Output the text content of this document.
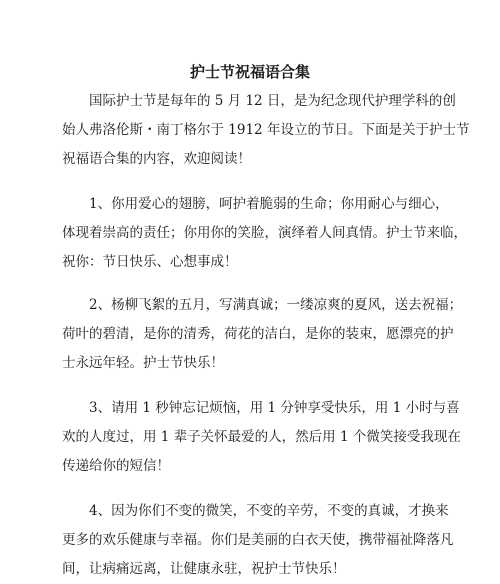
护士节祝福语合集
　　国际护士节是每年的 5 月 12 日，是为纪念现代护理学科的创
始人弗洛伦斯・南丁格尔于 1912 年设立的节日。下面是关于护士节
祝福语合集的内容，欢迎阅读！
　　1、你用爱心的翅膀，呵护着脆弱的生命；你用耐心与细心，
体现着崇高的责任；你用你的笑脸，演绎着人间真情。护士节来临，
祝你：节日快乐、心想事成！
　　2、杨柳飞絮的五月，写满真诚；一缕凉爽的夏风，送去祝福；
荷叶的碧清，是你的清秀，荷花的洁白，是你的装束，愿漂亮的护
士永远年轻。护士节快乐！
　　3、请用 1 秒钟忘记烦恼，用 1 分钟享受快乐，用 1 小时与喜
欢的人度过，用 1 辈子关怀最爱的人，然后用 1 个微笑接受我现在
传递给你的短信！
　　4、因为你们不变的微笑，不变的辛劳，不变的真诚，才换来
更多的欢乐健康与幸福。你们是美丽的白衣天使，携带福祉降落凡
间，让病痛远离，让健康永驻，祝护士节快乐！
